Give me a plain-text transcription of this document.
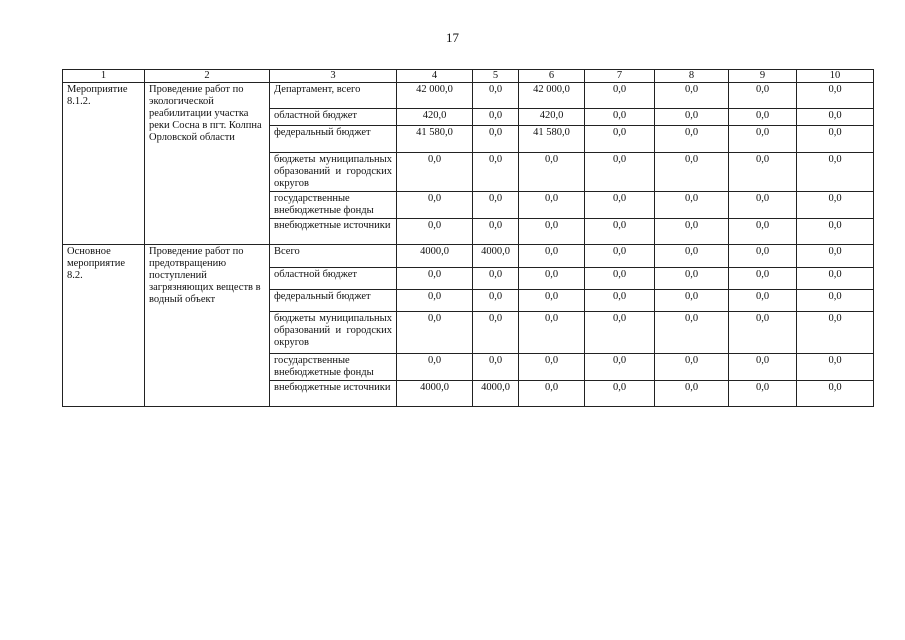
17
1	2	3	4	5	6	7	8	9	10
Мероприятие 8.1.2.	Проведение работ по экологической реабилитации участка реки Сосна в пгт. Колпна Орловской области	Департамент, всего	42 000,0	0,0	42 000,0	0,0	0,0	0,0	0,0
		областной бюджет	420,0	0,0	420,0	0,0	0,0	0,0	0,0
		федеральный бюджет	41 580,0	0,0	41 580,0	0,0	0,0	0,0	0,0
		бюджеты муниципальных образований и городских округов	0,0	0,0	0,0	0,0	0,0	0,0	0,0
		государственные внебюджетные фонды	0,0	0,0	0,0	0,0	0,0	0,0	0,0
		внебюджетные источники	0,0	0,0	0,0	0,0	0,0	0,0	0,0
Основное мероприятие 8.2.	Проведение работ по предотвращению поступлений загрязняющих веществ в водный объект	Всего	4000,0	4000,0	0,0	0,0	0,0	0,0	0,0
		областной бюджет	0,0	0,0	0,0	0,0	0,0	0,0	0,0
		федеральный бюджет	0,0	0,0	0,0	0,0	0,0	0,0	0,0
		бюджеты муниципальных образований и городских округов	0,0	0,0	0,0	0,0	0,0	0,0	0,0
		государственные внебюджетные фонды	0,0	0,0	0,0	0,0	0,0	0,0	0,0
		внебюджетные источники	4000,0	4000,0	0,0	0,0	0,0	0,0	0,0
